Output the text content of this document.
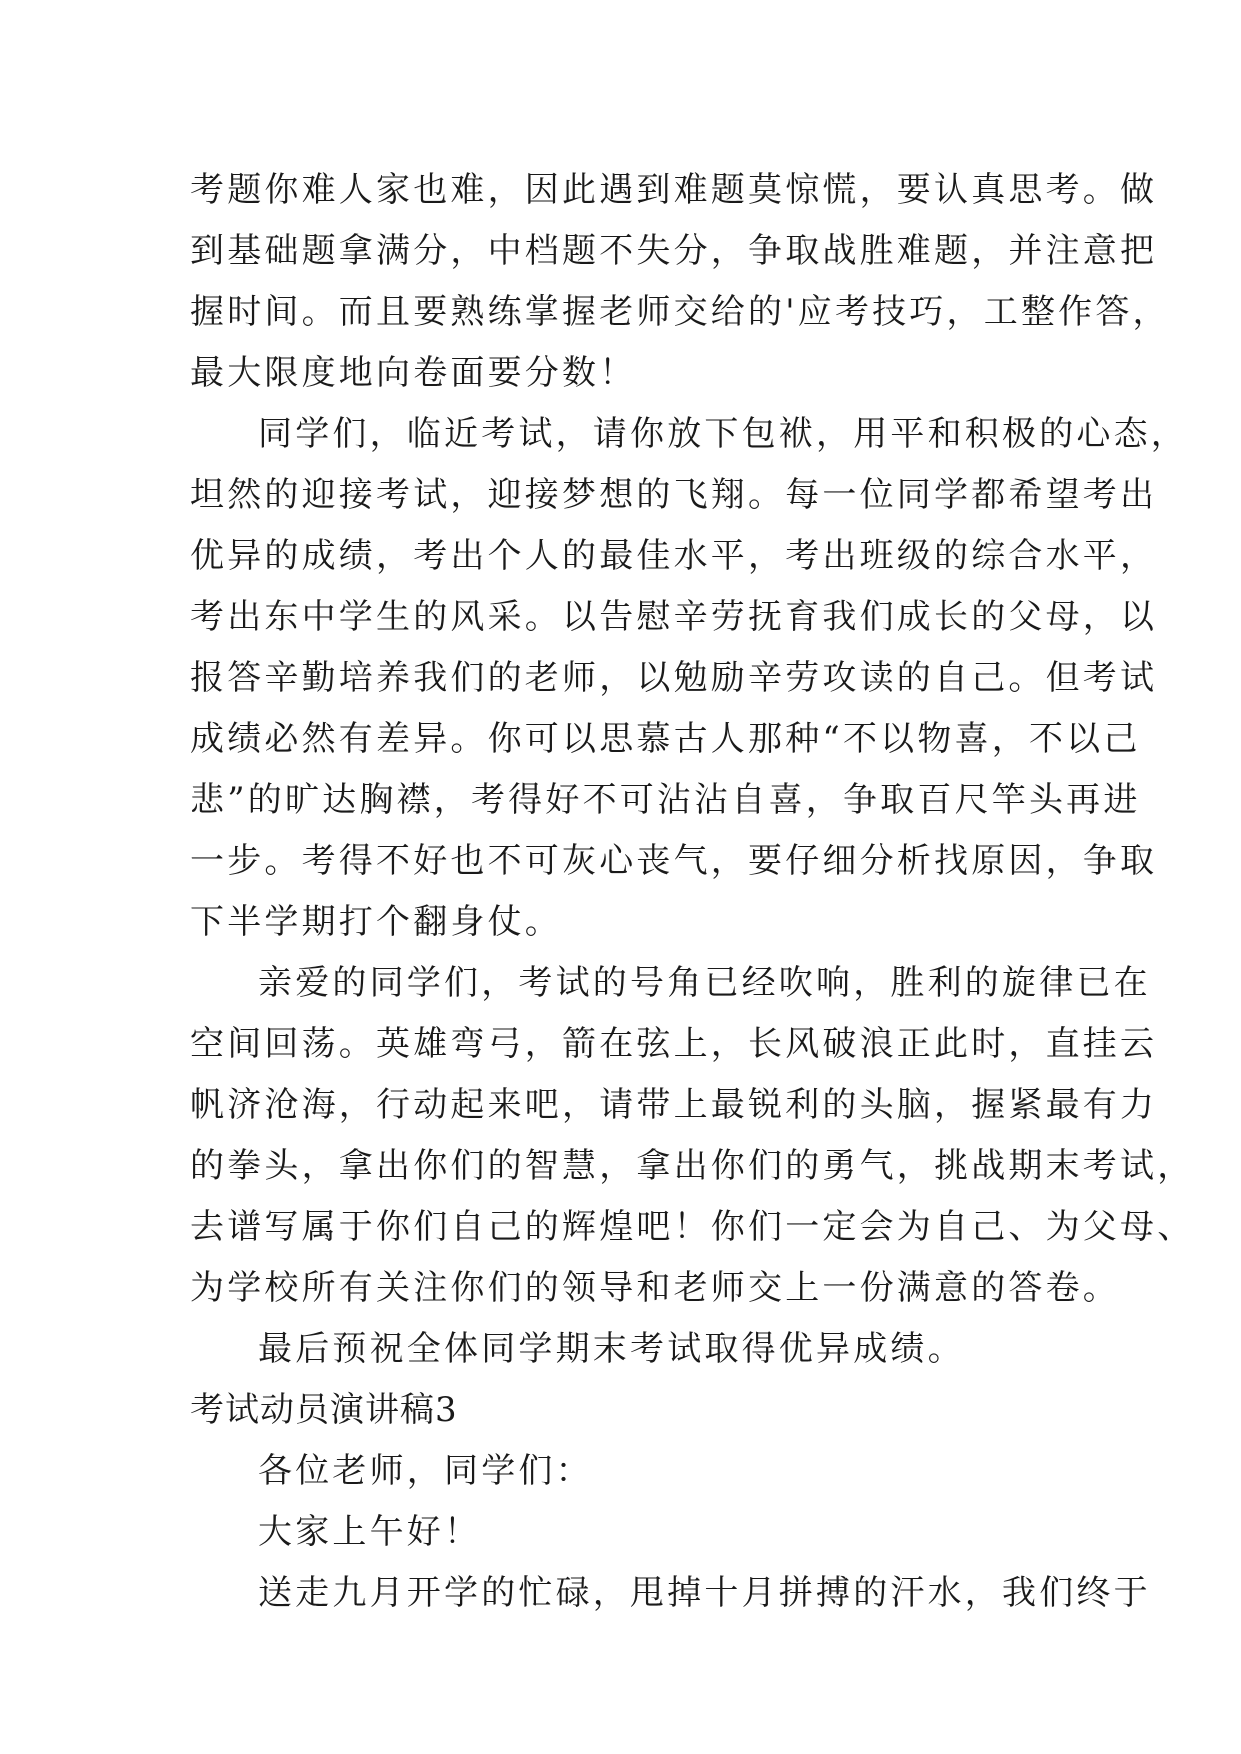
考题你难人家也难，因此遇到难题莫惊慌，要认真思考。做
到基础题拿满分，中档题不失分，争取战胜难题，并注意把
握时间。而且要熟练掌握老师交给的'应考技巧，工整作答，
最大限度地向卷面要分数！
同学们，临近考试，请你放下包袱，用平和积极的心态，
坦然的迎接考试，迎接梦想的飞翔。每一位同学都希望考出
优异的成绩，考出个人的最佳水平，考出班级的综合水平，
考出东中学生的风采。以告慰辛劳抚育我们成长的父母，以
报答辛勤培养我们的老师，以勉励辛劳攻读的自己。但考试
成绩必然有差异。你可以思慕古人那种“不以物喜，不以己
悲”的旷达胸襟，考得好不可沾沾自喜，争取百尺竿头再进
一步。考得不好也不可灰心丧气，要仔细分析找原因，争取
下半学期打个翻身仗。
亲爱的同学们，考试的号角已经吹响，胜利的旋律已在
空间回荡。英雄弯弓，箭在弦上，长风破浪正此时，直挂云
帆济沧海，行动起来吧，请带上最锐利的头脑，握紧最有力
的拳头，拿出你们的智慧，拿出你们的勇气，挑战期末考试，
去谱写属于你们自己的辉煌吧！你们一定会为自己、为父母、
为学校所有关注你们的领导和老师交上一份满意的答卷。
最后预祝全体同学期末考试取得优异成绩。
考试动员演讲稿3
各位老师，同学们：
大家上午好！
送走九月开学的忙碌，甩掉十月拼搏的汗水，我们终于
